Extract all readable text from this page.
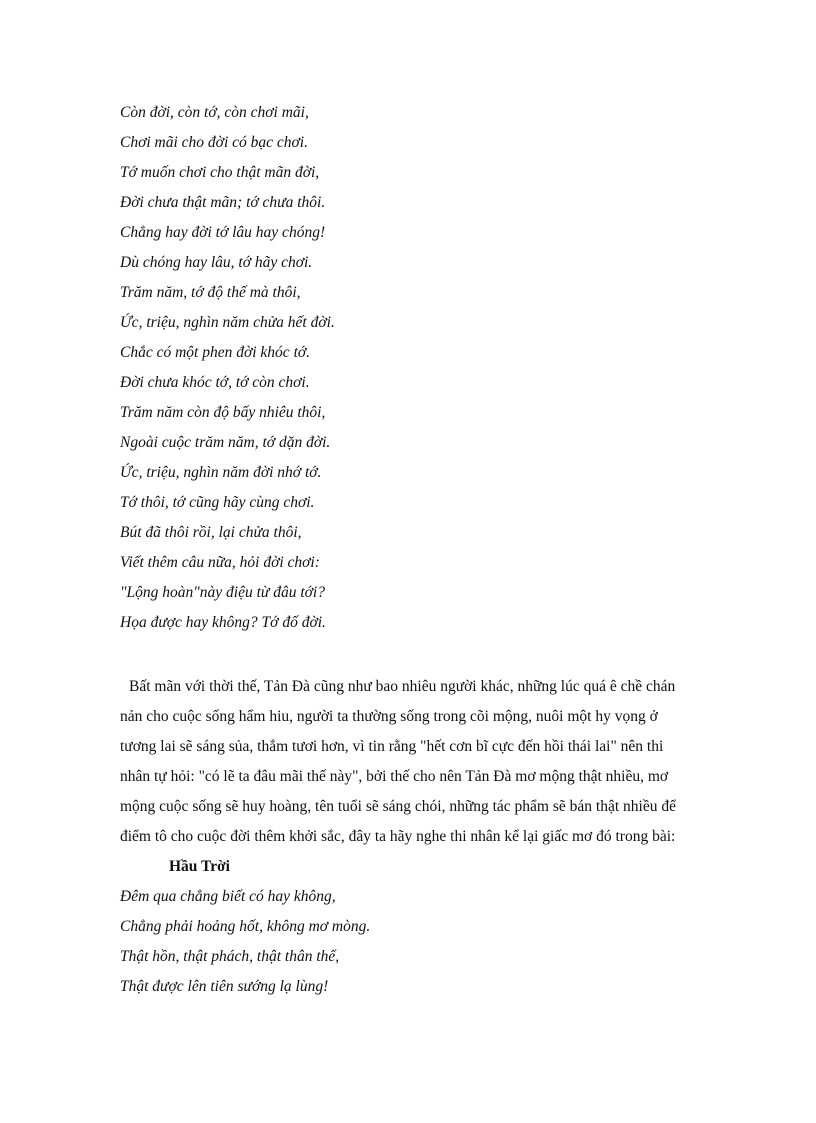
Còn đời, còn tớ, còn chơi mãi,
Chơi mãi cho đời có bạc chơi.
Tớ muốn chơi cho thật mãn đời,
Đời chưa thật mãn; tớ chưa thôi.
Chẳng hay đời tớ lâu hay chóng!
Dù chóng hay lâu, tớ hãy chơi.
Trăm năm, tớ độ thế mà thôi,
Ức, triệu, nghìn năm chửa hết đời.
Chắc có một phen đời khóc tớ.
Đời chưa khóc tớ, tớ còn chơi.
Trăm năm còn độ bấy nhiêu thôi,
Ngoài cuộc trăm năm, tớ dặn đời.
Ức, triệu, nghìn năm đời nhớ tớ.
Tớ thôi, tớ cũng hãy cùng chơi.
Bút đã thôi rồi, lại chửa thôi,
Viết thêm câu nữa, hỏi đời chơi:
"Lộng hoàn"này điệu từ đâu tới?
Họa được hay không? Tớ đố đời.
Bất mãn với thời thế, Tản Đà cũng như bao nhiêu người khác, những lúc quá ê chề chán
nản cho cuộc sống hẩm hiu, người ta thường sống trong cõi mộng, nuôi một hy vọng ở
tương lai sẽ sáng sủa, thắm tươi hơn, vì tin rằng "hết cơn bĩ cực đến hồi thái lai" nên thi
nhân tự hỏi: "có lẽ ta đâu mãi thế này", bởi thế cho nên Tản Đà mơ mộng thật nhiều, mơ
mộng cuộc sống sẽ huy hoàng, tên tuổi sẽ sáng chói, những tác phẩm sẽ bán thật nhiều để
điểm tô cho cuộc đời thêm khởi sắc, đây ta hãy nghe thi nhân kể lại giấc mơ đó trong bài:
Hầu Trời
Đêm qua chẳng biết có hay không,
Chẳng phải hoảng hốt, không mơ mòng.
Thật hồn, thật phách, thật thân thể,
Thật được lên tiên sướng lạ lùng!
